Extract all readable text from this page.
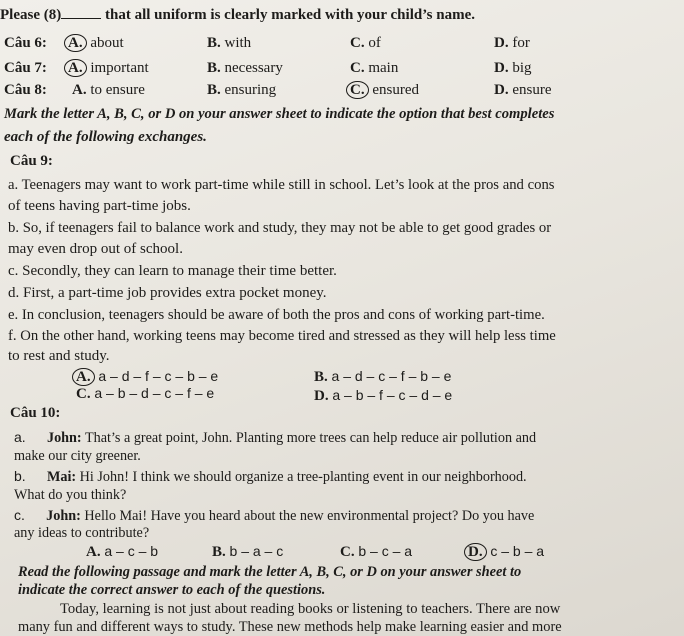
Please (8)	that all uniform is clearly marked with your child’s name.
Câu 6: A. about	B. with	C. of	D. for
Câu 7: A. important	B. necessary	C. main	D. big
Câu 8: A. to ensure	B. ensuring	C. ensured	D. ensure
Mark the letter A, B, C, or D on your answer sheet to indicate the option that best completes
each of the following exchanges.
Câu 9:
a. Teenagers may want to work part-time while still in school. Let’s look at the pros and cons
of teens having part-time jobs.
b. So, if teenagers fail to balance work and study, they may not be able to get good grades or
may even drop out of school.
c. Secondly, they can learn to manage their time better.
d. First, a part-time job provides extra pocket money.
e. In conclusion, teenagers should be aware of both the pros and cons of working part-time.
f. On the other hand, working teens may become tired and stressed as they will help less time
to rest and study.
A. a – d – f – c – b – e	B. a – d – c – f – b – e
C. a – b – d – c – f – e	D. a – b – f – c – d – e
Câu 10:
a. John: That’s a great point, John. Planting more trees can help reduce air pollution and
make our city greener.
b. Mai: Hi John! I think we should organize a tree-planting event in our neighborhood.
What do you think?
c. John: Hello Mai! Have you heard about the new environmental project? Do you have
any ideas to contribute?
A. a – c – b	B. b – a – c	C. b – c – a	D. c – b – a
Read the following passage and mark the letter A, B, C, or D on your answer sheet to
indicate the correct answer to each of the questions.
Today, learning is not just about reading books or listening to teachers. There are now
many fun and different ways to study. These new methods help make learning easier and more
